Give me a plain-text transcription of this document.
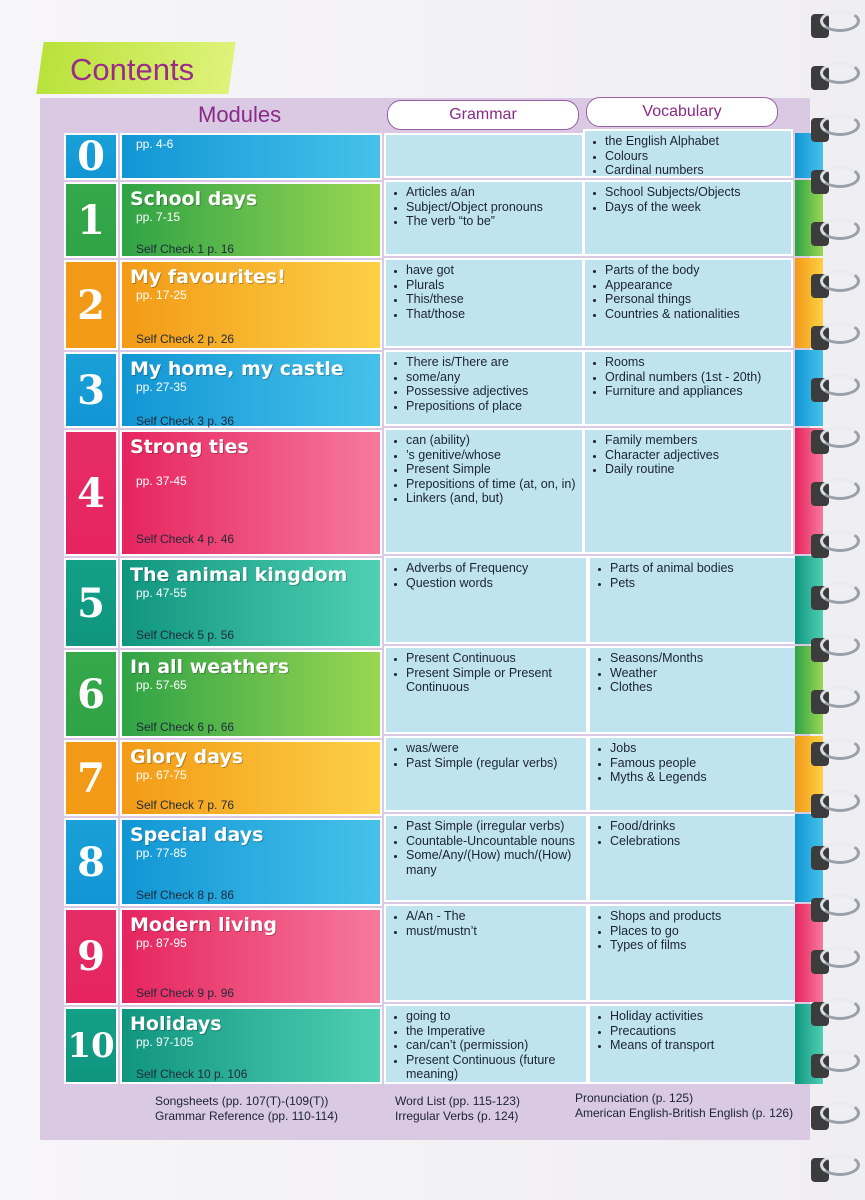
Contents
Modules	Grammar	Vocabulary
0	pp. 4-6
•	the English Alphabet
• Colours
• Cardinal numbers
1	School days
pp. 7-15
Self Check 1 p. 16
• Articles a/an
• Subject/Object pronouns
• The verb “to be”
• School Subjects/Objects
• Days of the week
2
My favourites!
pp. 17-25
Self Check 2 p. 26
• have got
• Plurals
• This/these
• That/those
• Parts of the body
• Appearance
• Personal things
• Countries & nationalities
3	My home, my castle
pp. 27-35
Self Check 3 p. 36
• There is/There are
• some/any
• Possessive adjectives
• Prepositions of place
• Rooms
• Ordinal numbers (1st - 20th)
• Furniture and appliances
4
Strong ties
pp. 37-45
Self Check 4 p. 46
• can (ability)
• ’s genitive/whose
• Present Simple
• Prepositions of time (at, on, in)
• Linkers (and, but)
• Family members
• Character adjectives
• Daily routine
5
The animal kingdom
pp. 47-55
Self Check 5 p. 56
• Adverbs of Frequency
• Question words
• Parts of animal bodies
• Pets
6
In all weathers
pp. 57-65
Self Check 6 p. 66
• Present Continuous
• Present Simple or Present Continuous
• Seasons/Months
• Weather
• Clothes
7	Glory days
pp. 67-75
Self Check 7 p. 76
• was/were
• Past Simple (regular verbs)
• Jobs
• Famous people
• Myths & Legends
8
Special days
pp. 77-85
Self Check 8 p. 86
• Past Simple (irregular verbs)
• Countable-Uncountable nouns
• Some/Any/(How) much/(How) many
• Food/drinks
• Celebrations
9
Modern living
pp. 87-95
Self Check 9 p. 96
• A/An - The
• must/mustn’t
• Shops and products
• Places to go
• Types of films
10
Holidays
pp. 97-105
Self Check 10 p. 106
• going to
• the Imperative
• can/can’t (permission)
• Present Continuous (future meaning)
• Holiday activities
• Precautions
• Means of transport
Songsheets (pp. 107(T)-(109(T))
Grammar Reference (pp. 110-114)
Word List (pp. 115-123)
Irregular Verbs (p. 124)
Pronunciation (p. 125)
American English-British English (p. 126)
